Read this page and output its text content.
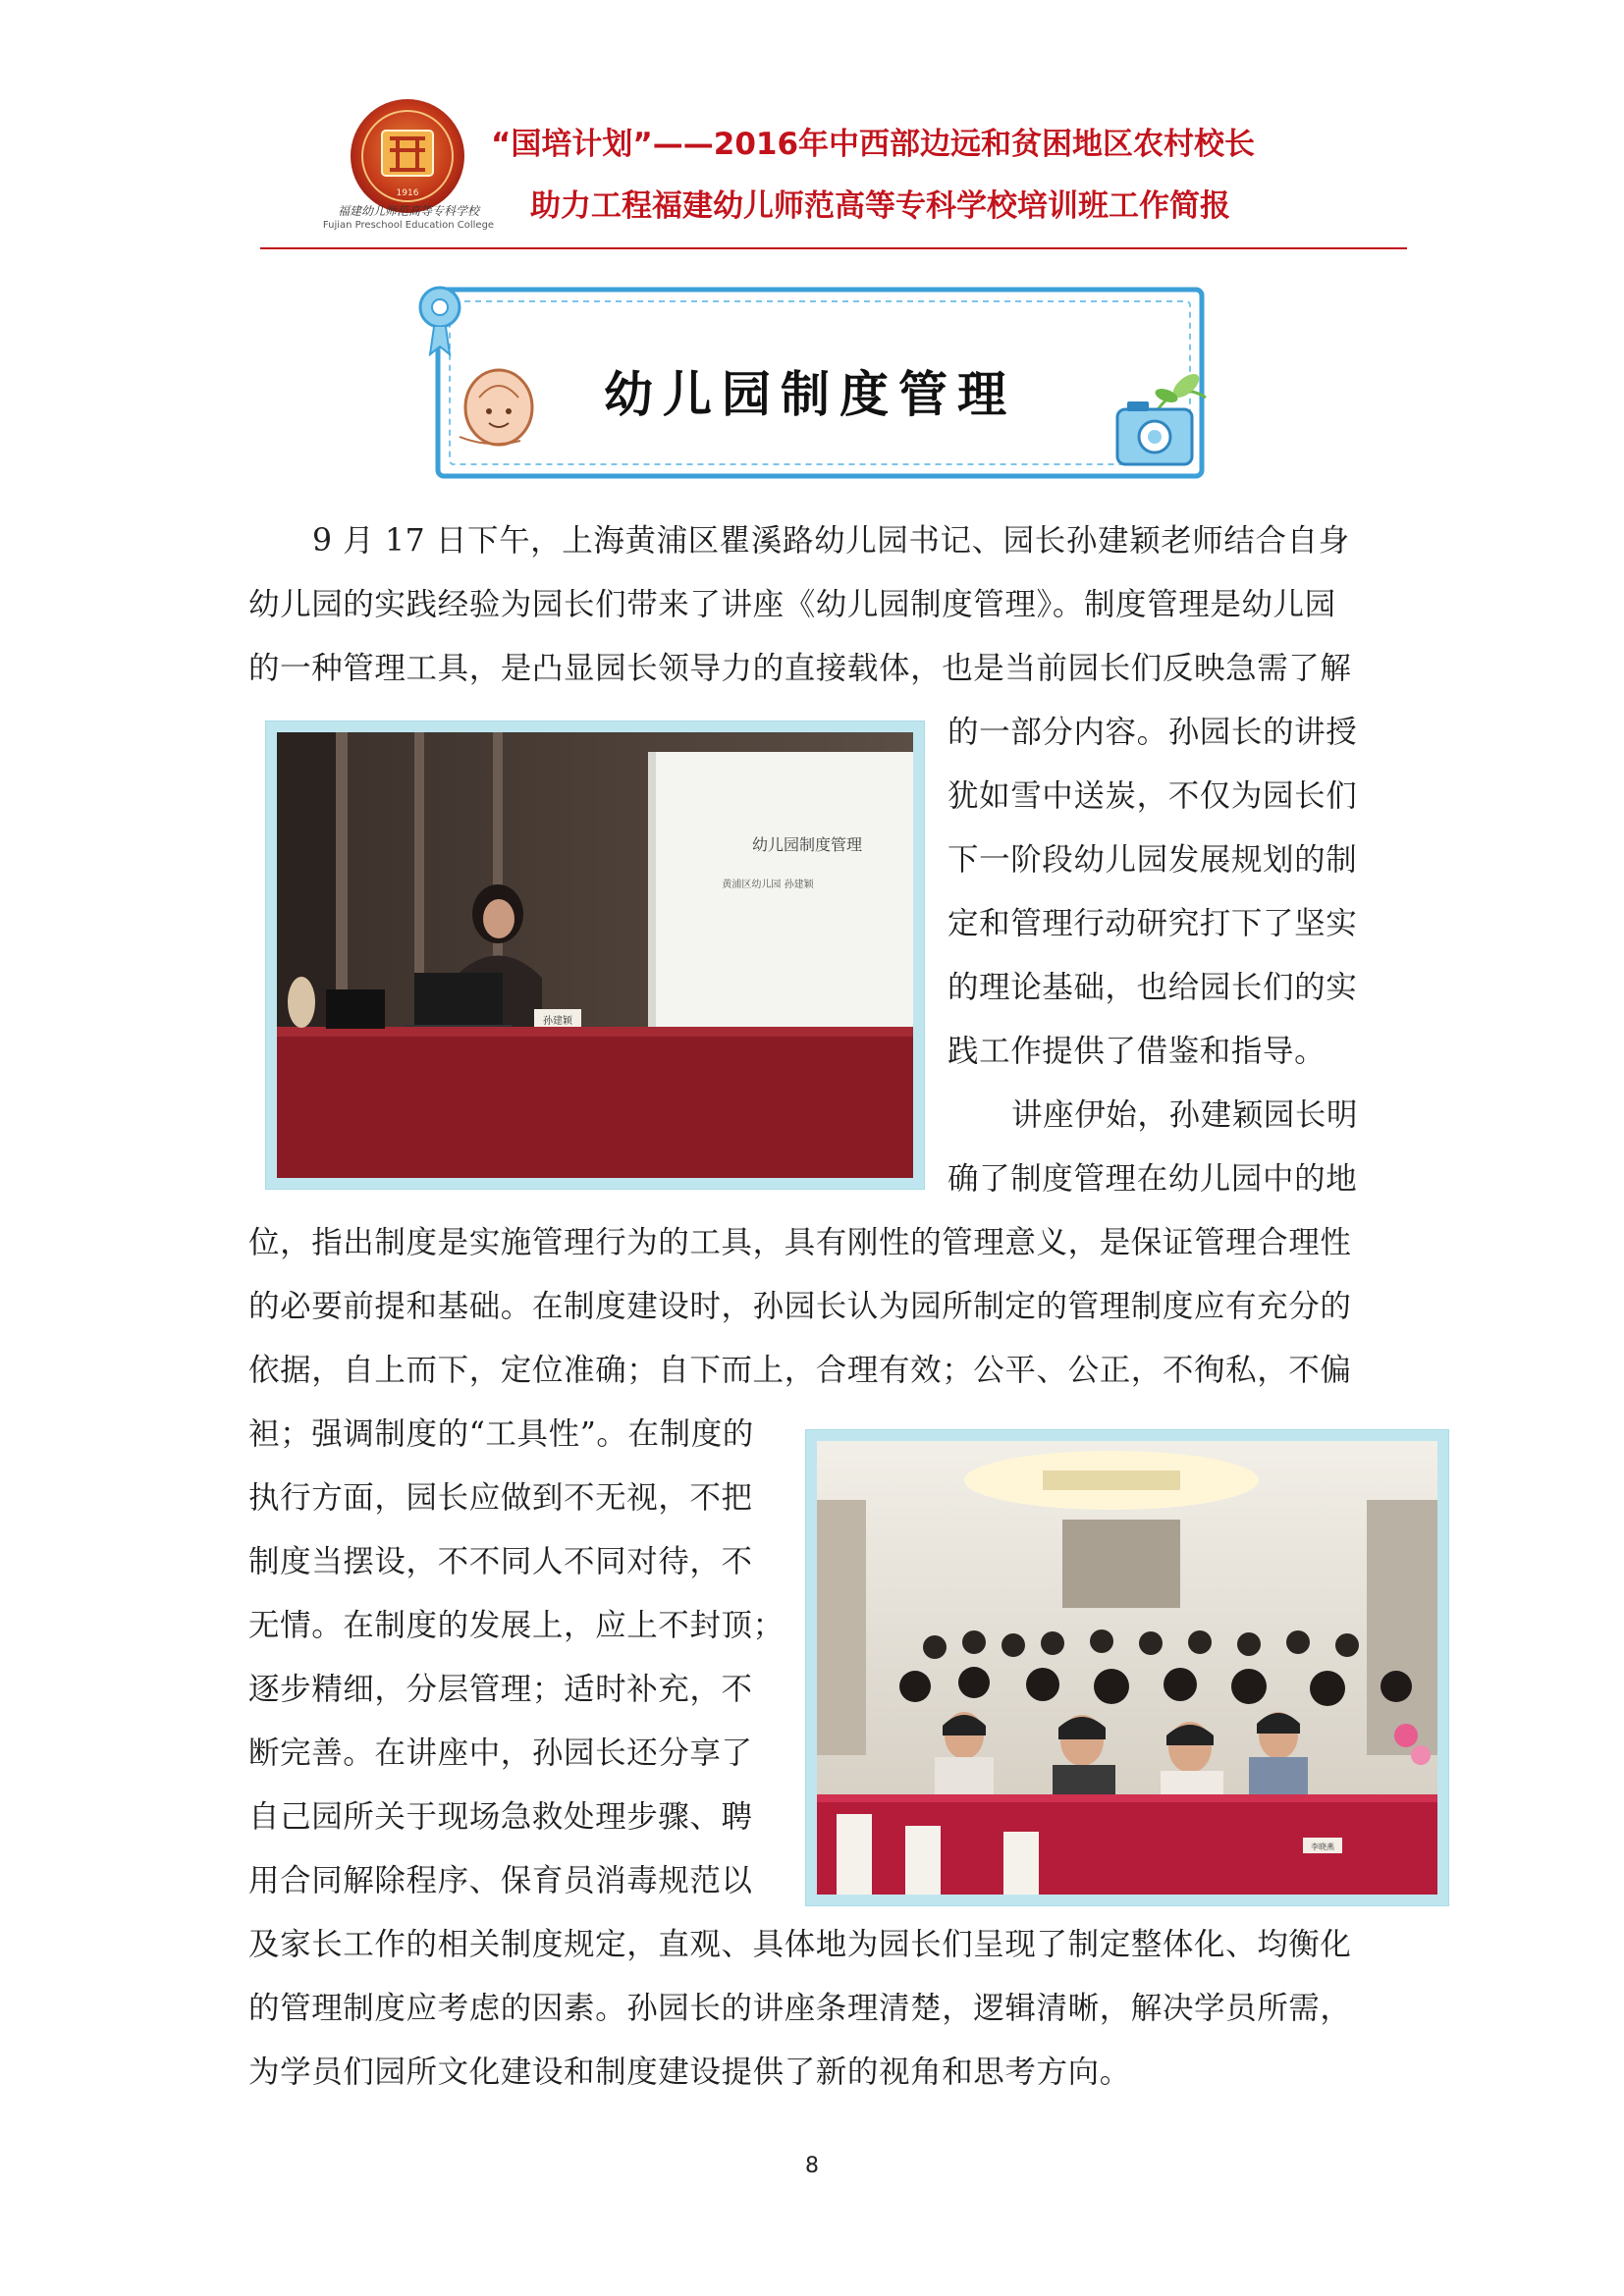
1916
福建幼儿师范高等专科学校
Fujian Preschool Education College
“国培计划”——2016年中西部边远和贫困地区农村校长
助力工程福建幼儿师范高等专科学校培训班工作简报
幼儿园制度管理
9 月 17 日下午，上海黄浦区瞿溪路幼儿园书记、园长孙建颖老师结合自身
幼儿园的实践经验为园长们带来了讲座《幼儿园制度管理》。制度管理是幼儿园
的一种管理工具，是凸显园长领导力的直接载体，也是当前园长们反映急需了解
的一部分内容。孙园长的讲授
犹如雪中送炭，不仅为园长们
下一阶段幼儿园发展规划的制
定和管理行动研究打下了坚实
的理论基础，也给园长们的实
践工作提供了借鉴和指导。
讲座伊始，孙建颖园长明
确了制度管理在幼儿园中的地
位，指出制度是实施管理行为的工具，具有刚性的管理意义，是保证管理合理性
的必要前提和基础。在制度建设时，孙园长认为园所制定的管理制度应有充分的
依据，自上而下，定位准确；自下而上，合理有效；公平、公正，不徇私，不偏
袒；强调制度的“工具性”。在制度的
执行方面，园长应做到不无视，不把
制度当摆设，不不同人不同对待，不
无情。在制度的发展上，应上不封顶；
逐步精细，分层管理；适时补充，不
断完善。在讲座中，孙园长还分享了
自己园所关于现场急救处理步骤、聘
用合同解除程序、保育员消毒规范以
及家长工作的相关制度规定，直观、具体地为园长们呈现了制定整体化、均衡化
的管理制度应考虑的因素。孙园长的讲座条理清楚，逻辑清晰，解决学员所需，
为学员们园所文化建设和制度建设提供了新的视角和思考方向。
幼儿园制度管理
黄浦区幼儿园 孙建颖
孙建颖
李晓燕
8
